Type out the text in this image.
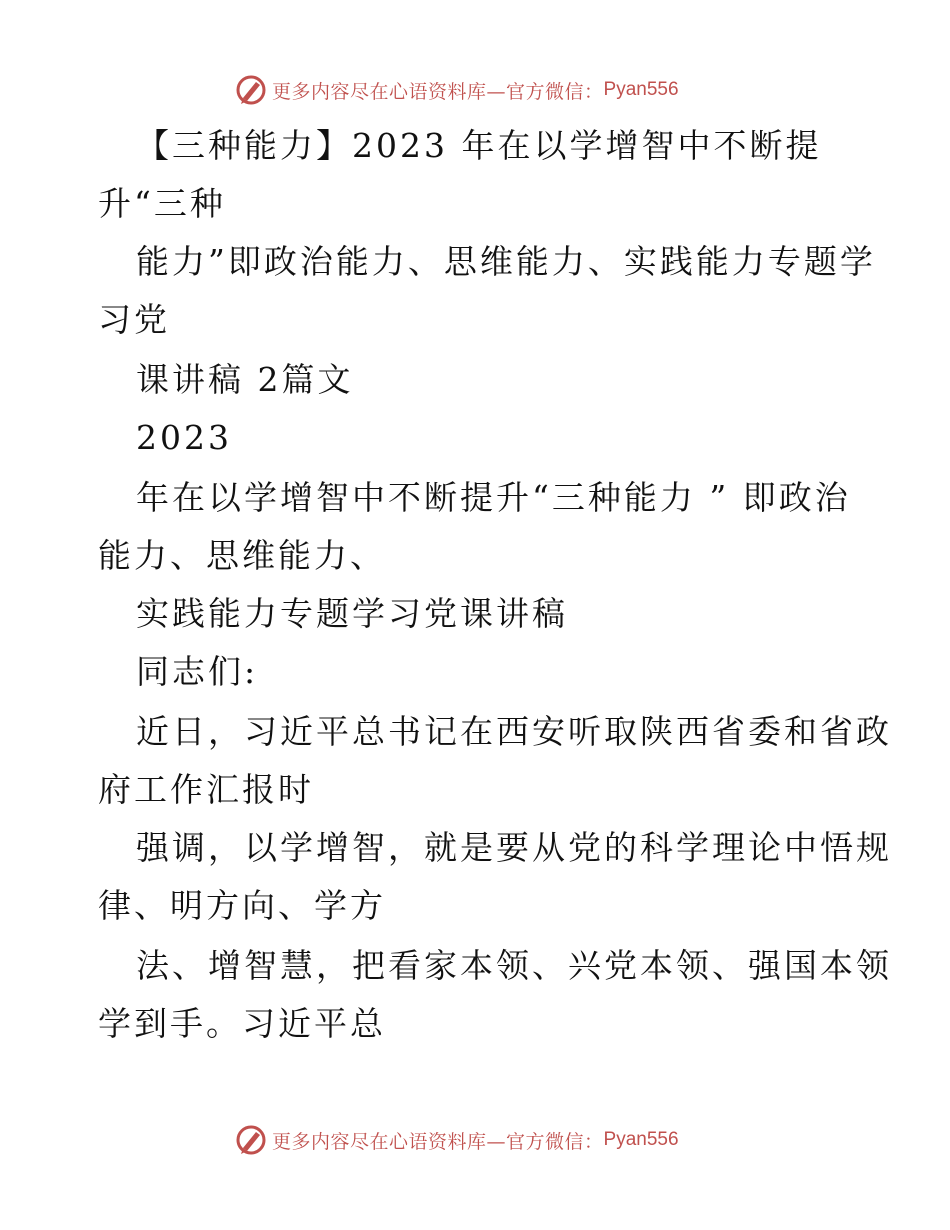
更多内容尽在心语资料库—官方微信： Pyan556
【三种能力】2023 年在以学增智中不断提
升“三种
能力”即政治能力、思维能力、实践能力专题学
习党
课讲稿 2篇文
2023
年在以学增智中不断提升“三种能力 ” 即政治
能力、思维能力、
实践能力专题学习党课讲稿
同志们:
近日，习近平总书记在西安听取陕西省委和省政
府工作汇报时
强调，以学增智，就是要从党的科学理论中悟规
律、明方向、学方
法、增智慧，把看家本领、兴党本领、强国本领
学到手。习近平总
更多内容尽在心语资料库—官方微信： Pyan556
